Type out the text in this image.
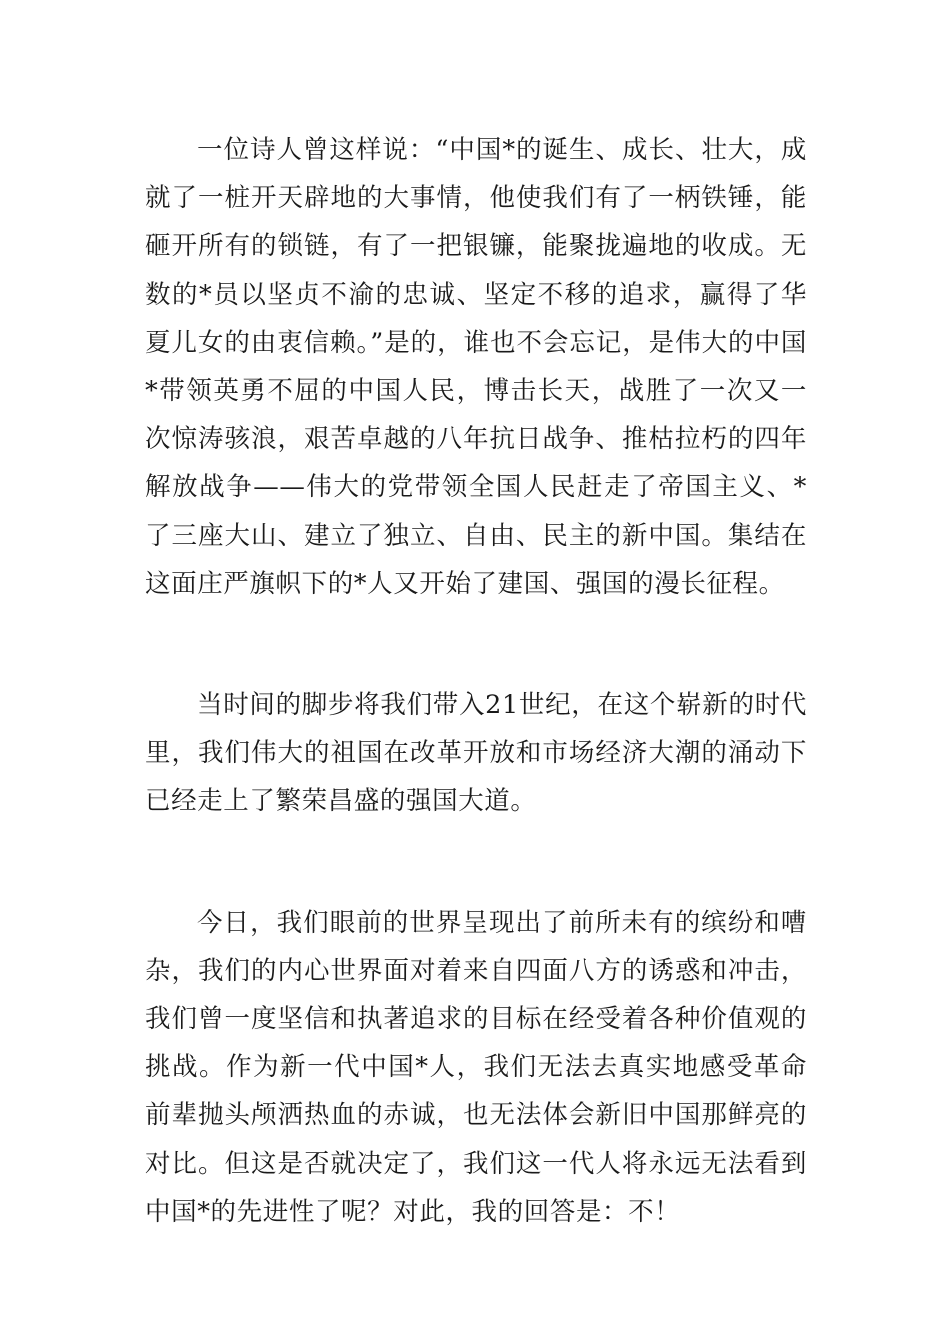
一位诗人曾这样说：“中国*的诞生、成长、壮大，成就了一桩开天辟地的大事情，他使我们有了一柄铁锤，能砸开所有的锁链，有了一把银镰，能聚拢遍地的收成。无数的*员以坚贞不渝的忠诚、坚定不移的追求，赢得了华夏儿女的由衷信赖。”是的，谁也不会忘记，是伟大的中国*带领英勇不屈的中国人民，博击长天，战胜了一次又一次惊涛骇浪，艰苦卓越的八年抗日战争、推枯拉朽的四年解放战争——伟大的党带领全国人民赶走了帝国主义、*了三座大山、建立了独立、自由、民主的新中国。集结在这面庄严旗帜下的*人又开始了建国、强国的漫长征程。

当时间的脚步将我们带入21世纪，在这个崭新的时代里，我们伟大的祖国在改革开放和市场经济大潮的涌动下已经走上了繁荣昌盛的强国大道。

今日，我们眼前的世界呈现出了前所未有的缤纷和嘈杂，我们的内心世界面对着来自四面八方的诱惑和冲击，我们曾一度坚信和执著追求的目标在经受着各种价值观的挑战。作为新一代中国*人，我们无法去真实地感受革命前辈抛头颅洒热血的赤诚，也无法体会新旧中国那鲜亮的对比。但这是否就决定了，我们这一代人将永远无法看到中国*的先进性了呢？对此，我的回答是：不！
